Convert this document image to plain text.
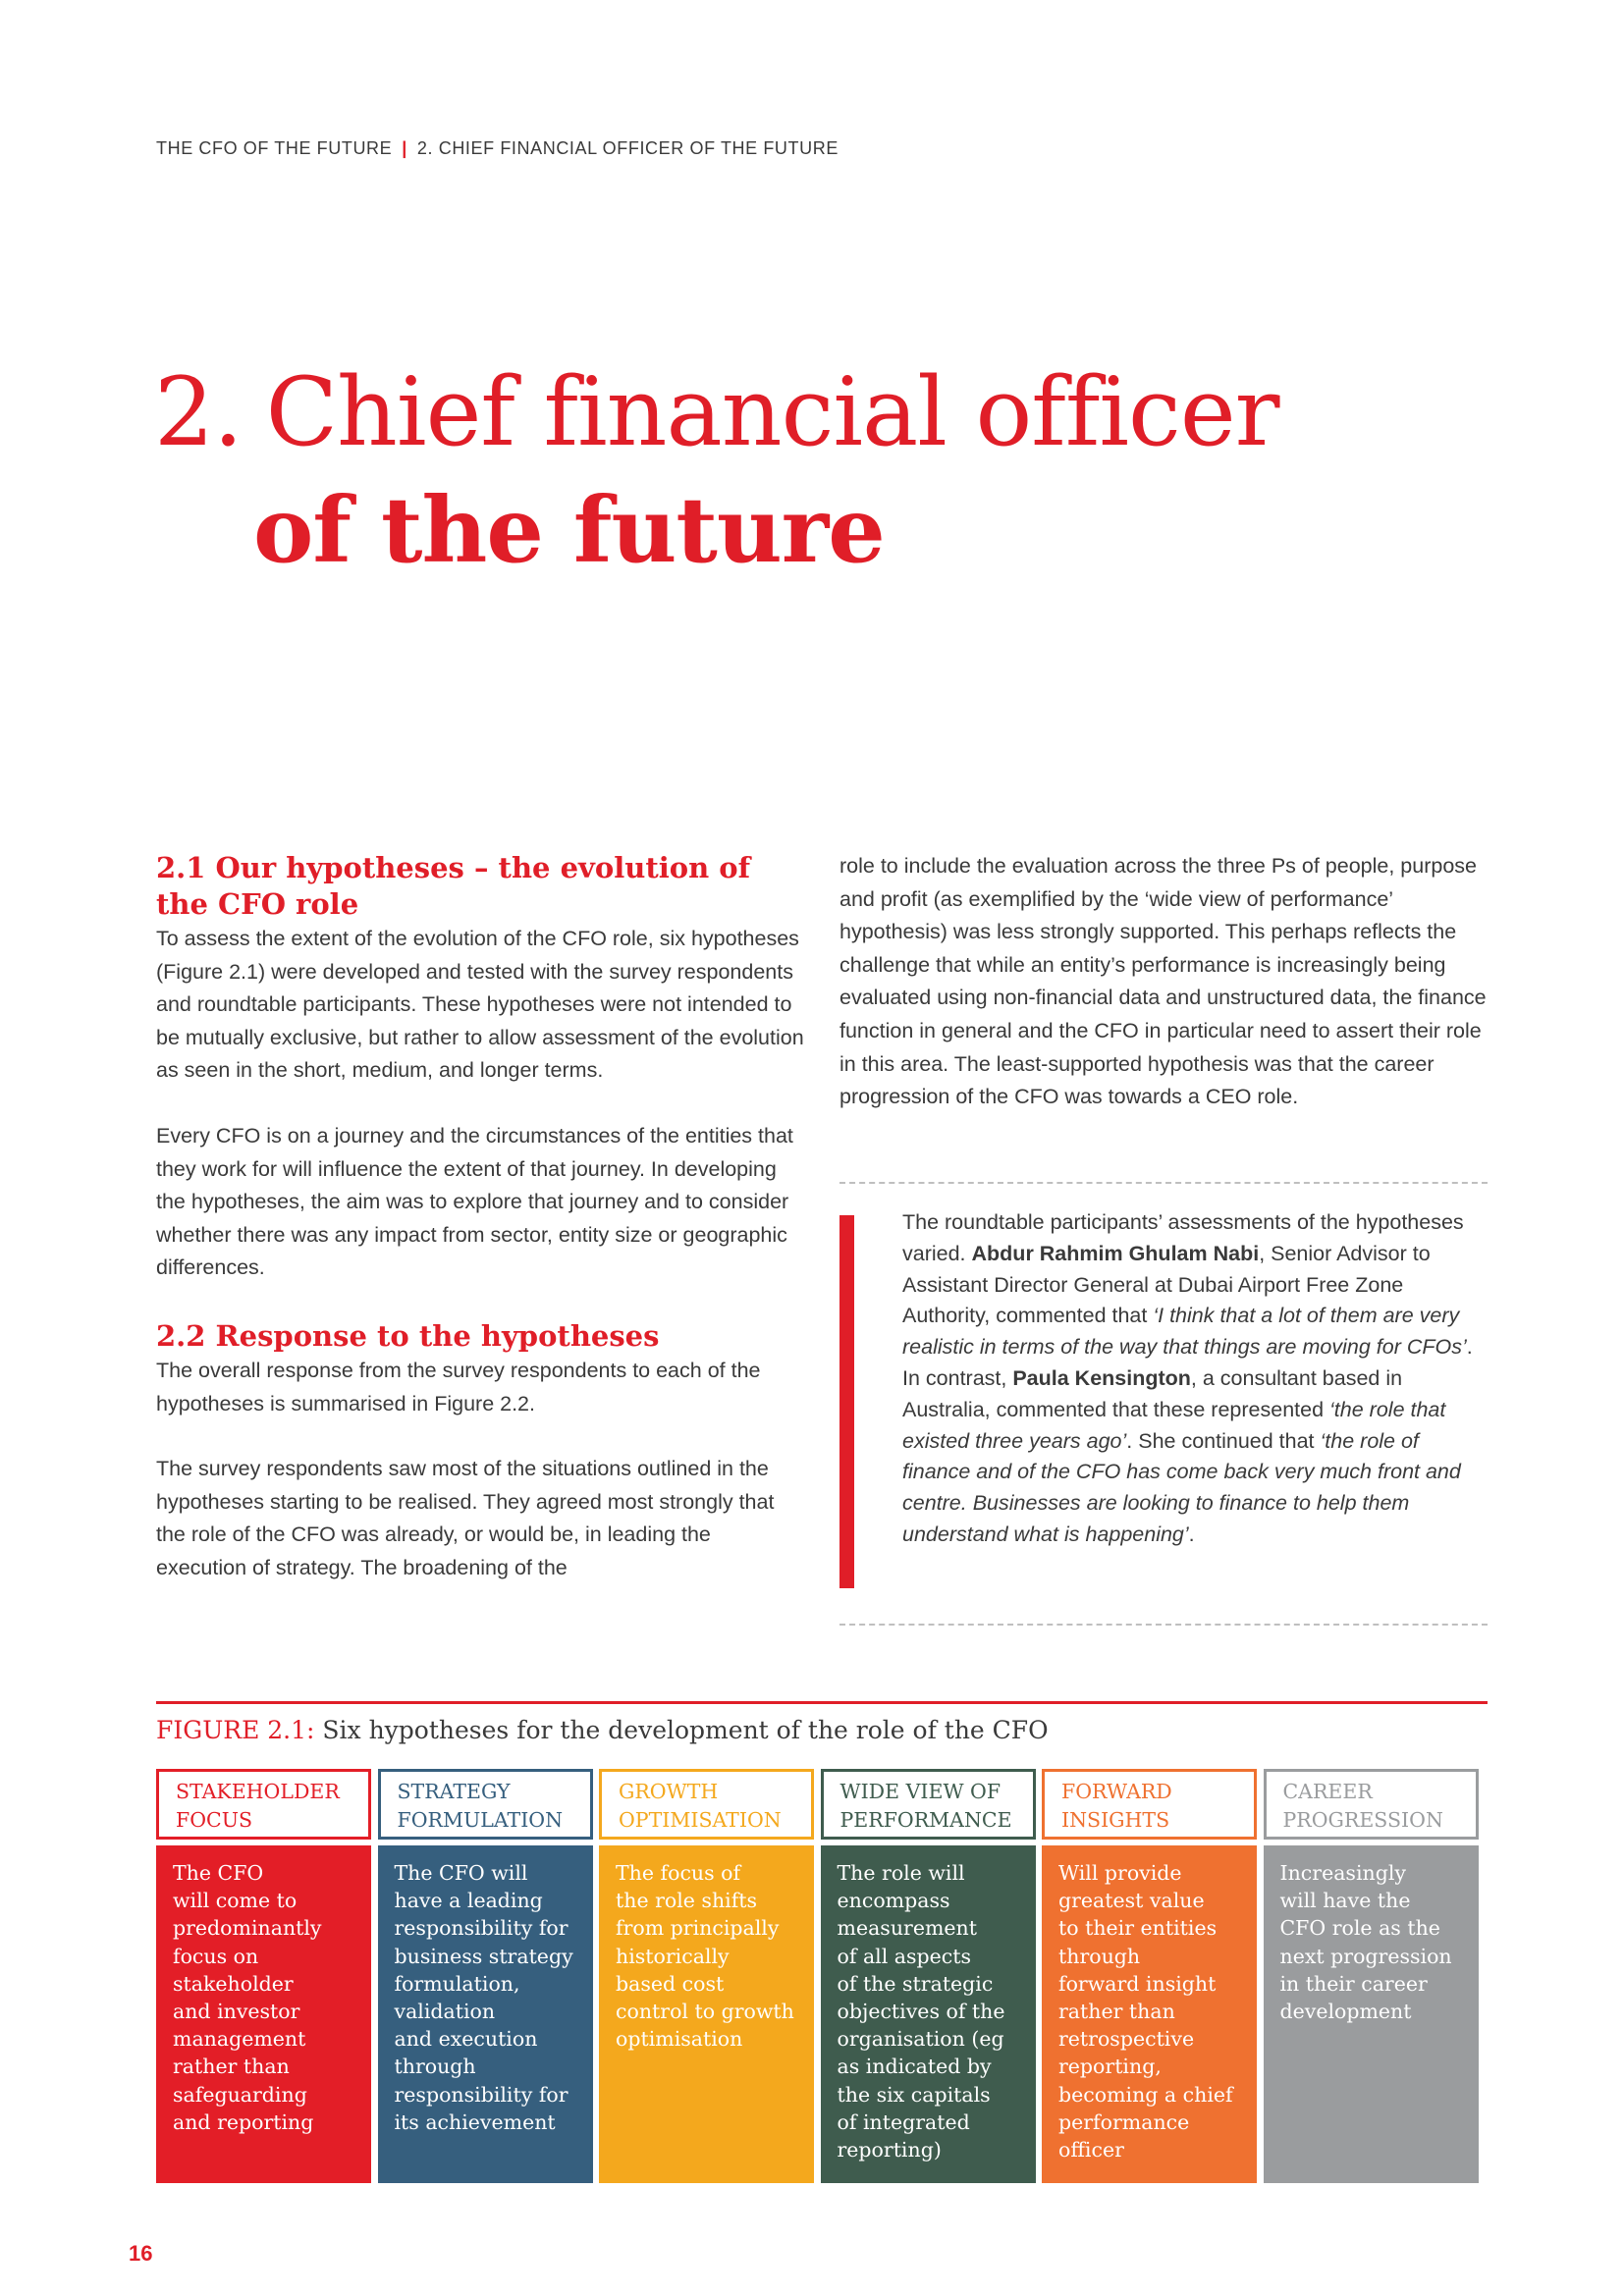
THE CFO OF THE FUTURE | 2. CHIEF FINANCIAL OFFICER OF THE FUTURE
2. Chief financial officer
of the future
2.1 Our hypotheses – the evolution of the CFO role

To assess the extent of the evolution of the CFO role, six hypotheses (Figure 2.1) were developed and tested with the survey respondents and roundtable participants. These hypotheses were not intended to be mutually exclusive, but rather to allow assessment of the evolution as seen in the short, medium, and longer terms.

Every CFO is on a journey and the circumstances of the entities that they work for will influence the extent of that journey. In developing the hypotheses, the aim was to explore that journey and to consider whether there was any impact from sector, entity size or geographic differences.

2.2 Response to the hypotheses

The overall response from the survey respondents to each of the hypotheses is summarised in Figure 2.2.

The survey respondents saw most of the situations outlined in the hypotheses starting to be realised. They agreed most strongly that the role of the CFO was already, or would be, in leading the execution of strategy. The broadening of the

role to include the evaluation across the three Ps of people, purpose and profit (as exemplified by the ‘wide view of performance’ hypothesis) was less strongly supported. This perhaps reflects the challenge that while an entity’s performance is increasingly being evaluated using non-financial data and unstructured data, the finance function in general and the CFO in particular need to assert their role in this area. The least-supported hypothesis was that the career progression of the CFO was towards a CEO role.

The roundtable participants’ assessments of the hypotheses varied. Abdur Rahmim Ghulam Nabi, Senior Advisor to Assistant Director General at Dubai Airport Free Zone Authority, commented that ‘I think that a lot of them are very realistic in terms of the way that things are moving for CFOs’. In contrast, Paula Kensington, a consultant based in Australia, commented that these represented ‘the role that existed three years ago’. She continued that ‘the role of finance and of the CFO has come back very much front and centre. Businesses are looking to finance to help them understand what is happening’.

FIGURE 2.1: Six hypotheses for the development of the role of the CFO
STAKEHOLDER
FOCUS
The CFO
will come to
predominantly
focus on
stakeholder
and investor
management
rather than
safeguarding
and reporting
STRATEGY
FORMULATION
The CFO will
have a leading
responsibility for
business strategy
formulation,
validation
and execution
through
responsibility for
its achievement
GROWTH
OPTIMISATION
The focus of
the role shifts
from principally
historically
based cost
control to growth
optimisation
WIDE VIEW OF
PERFORMANCE
The role will
encompass
measurement
of all aspects
of the strategic
objectives of the
organisation (eg
as indicated by
the six capitals
of integrated
reporting)
FORWARD
INSIGHTS
Will provide
greatest value
to their entities
through
forward insight
rather than
retrospective
reporting,
becoming a chief
performance
officer
CAREER
PROGRESSION
Increasingly
will have the
CFO role as the
next progression
in their career
development
16
